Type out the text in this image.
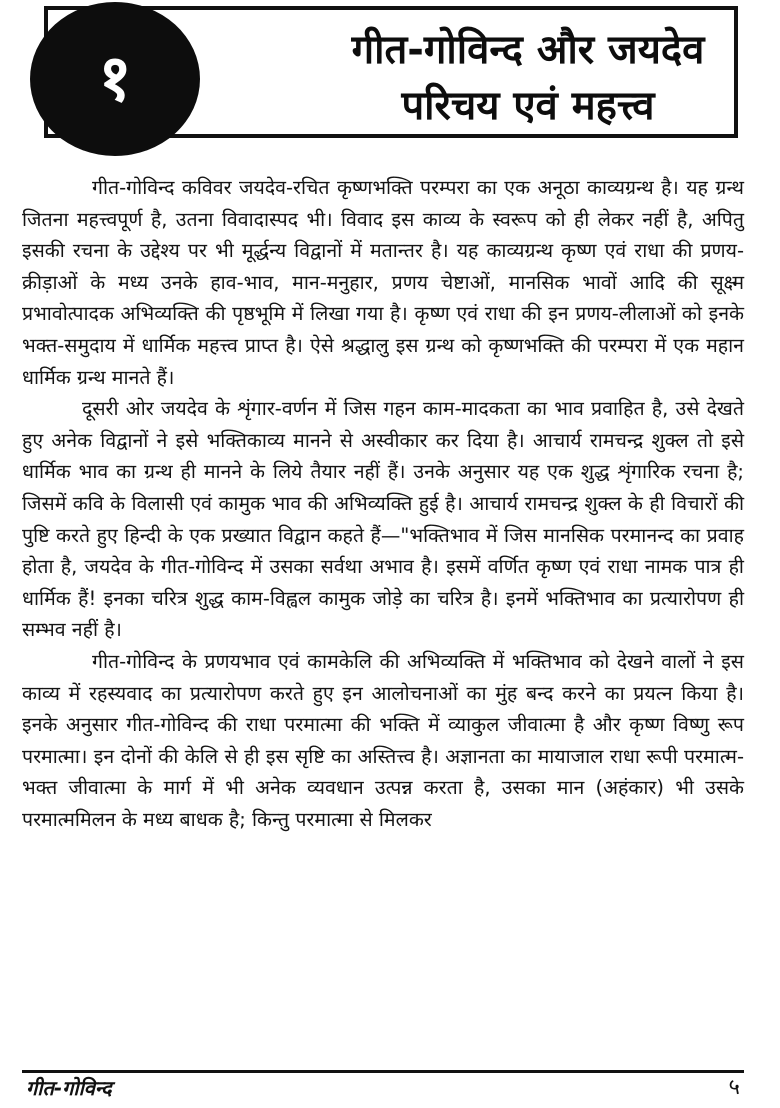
गीत-गोविन्द और जयदेव
परिचय एवं महत्त्व
१

गीत-गोविन्द कविवर जयदेव-रचित कृष्णभक्ति परम्परा का एक अनूठा काव्यग्रन्थ है। यह ग्रन्थ जितना महत्त्वपूर्ण है, उतना विवादास्पद भी। विवाद इस काव्य के स्वरूप को ही लेकर नहीं है, अपितु इसकी रचना के उद्देश्य पर भी मूर्द्धन्य विद्वानों में मतान्तर है। यह काव्यग्रन्थ कृष्ण एवं राधा की प्रणय-क्रीड़ाओं के मध्य उनके हाव-भाव, मान-मनुहार, प्रणय चेष्टाओं, मानसिक भावों आदि की सूक्ष्म प्रभावोत्पादक अभिव्यक्ति की पृष्ठभूमि में लिखा गया है। कृष्ण एवं राधा की इन प्रणय-लीलाओं को इनके भक्त-समुदाय में धार्मिक महत्त्व प्राप्त है। ऐसे श्रद्धालु इस ग्रन्थ को कृष्णभक्ति की परम्परा में एक महान धार्मिक ग्रन्थ मानते हैं।

दूसरी ओर जयदेव के शृंगार-वर्णन में जिस गहन काम-मादकता का भाव प्रवाहित है, उसे देखते हुए अनेक विद्वानों ने इसे भक्तिकाव्य मानने से अस्वीकार कर दिया है। आचार्य रामचन्द्र शुक्ल तो इसे धार्मिक भाव का ग्रन्थ ही मानने के लिये तैयार नहीं हैं। उनके अनुसार यह एक शुद्ध शृंगारिक रचना है; जिसमें कवि के विलासी एवं कामुक भाव की अभिव्यक्ति हुई है। आचार्य रामचन्द्र शुक्ल के ही विचारों की पुष्टि करते हुए हिन्दी के एक प्रख्यात विद्वान कहते हैं—"भक्तिभाव में जिस मानसिक परमानन्द का प्रवाह होता है, जयदेव के गीत-गोविन्द में उसका सर्वथा अभाव है। इसमें वर्णित कृष्ण एवं राधा नामक पात्र ही धार्मिक हैं! इनका चरित्र शुद्ध काम-विह्वल कामुक जोड़े का चरित्र है। इनमें भक्तिभाव का प्रत्यारोपण ही सम्भव नहीं है।

गीत-गोविन्द के प्रणयभाव एवं कामकेलि की अभिव्यक्ति में भक्तिभाव को देखने वालों ने इस काव्य में रहस्यवाद का प्रत्यारोपण करते हुए इन आलोचनाओं का मुंह बन्द करने का प्रयत्न किया है। इनके अनुसार गीत-गोविन्द की राधा परमात्मा की भक्ति में व्याकुल जीवात्मा है और कृष्ण विष्णु रूप परमात्मा। इन दोनों की केलि से ही इस सृष्टि का अस्तित्त्व है। अज्ञानता का मायाजाल राधा रूपी परमात्म-भक्त जीवात्मा के मार्ग में भी अनेक व्यवधान उत्पन्न करता है, उसका मान (अहंकार) भी उसके परमात्ममिलन के मध्य बाधक है; किन्तु परमात्मा से मिलकर

गीत-गोविन्द	५
